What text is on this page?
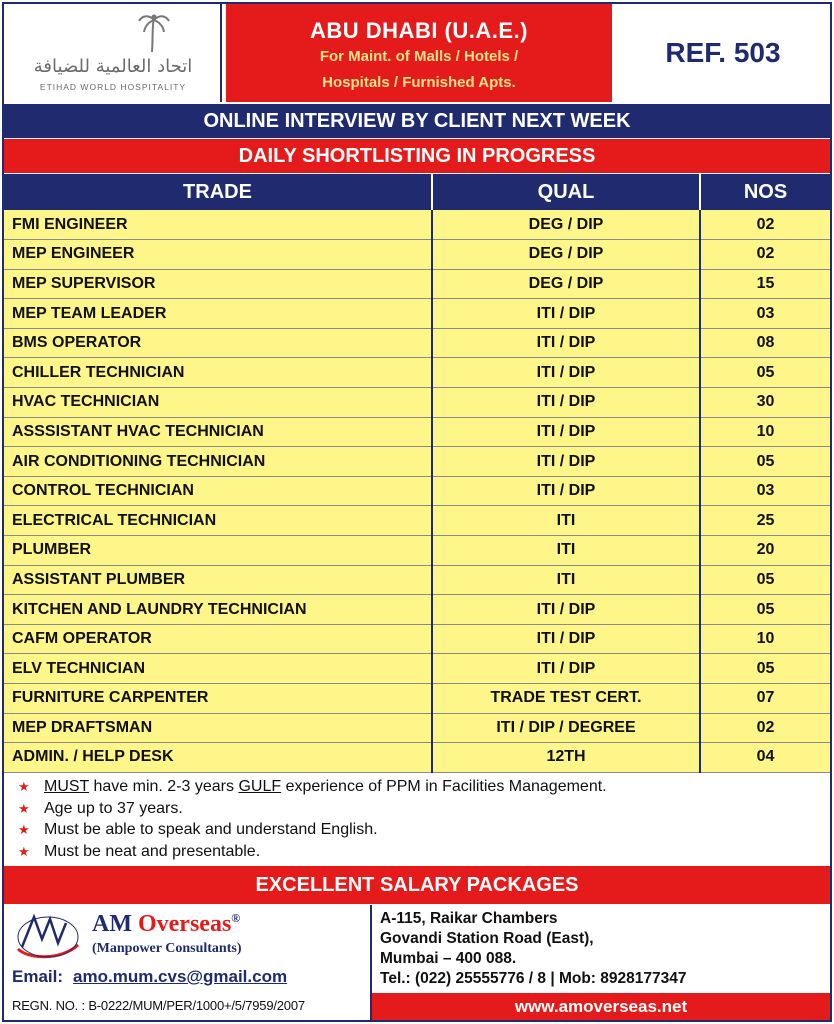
اتحاد العالمية للضيافة
ETIHAD WORLD HOSPITALITY
ABU DHABI (U.A.E.)
For Maint. of Malls / Hotels /
Hospitals / Furnished Apts.
REF. 503
ONLINE INTERVIEW BY CLIENT NEXT WEEK
DAILY SHORTLISTING IN PROGRESS
TRADE	QUAL	NOS
FMI ENGINEER	DEG / DIP	02
MEP ENGINEER	DEG / DIP	02
MEP SUPERVISOR	DEG / DIP	15
MEP TEAM LEADER	ITI / DIP	03
BMS OPERATOR	ITI / DIP	08
CHILLER TECHNICIAN	ITI / DIP	05
HVAC TECHNICIAN	ITI / DIP	30
ASSSISTANT HVAC TECHNICIAN	ITI / DIP	10
AIR CONDITIONING TECHNICIAN	ITI / DIP	05
CONTROL TECHNICIAN	ITI / DIP	03
ELECTRICAL TECHNICIAN	ITI	25
PLUMBER	ITI	20
ASSISTANT PLUMBER	ITI	05
KITCHEN AND LAUNDRY TECHNICIAN	ITI / DIP	05
CAFM OPERATOR	ITI / DIP	10
ELV TECHNICIAN	ITI / DIP	05
FURNITURE CARPENTER	TRADE TEST CERT.	07
MEP DRAFTSMAN	ITI / DIP / DEGREE	02
ADMIN. / HELP DESK	12TH	04
★ MUST have min. 2-3 years GULF experience of PPM in Facilities Management.
★ Age up to 37 years.
★ Must be able to speak and understand English.
★ Must be neat and presentable.
EXCELLENT SALARY PACKAGES
AM Overseas®
(Manpower Consultants)
Email: amo.mum.cvs@gmail.com
REGN. NO. : B-0222/MUM/PER/1000+/5/7959/2007
A-115, Raikar Chambers
Govandi Station Road (East),
Mumbai – 400 088.
Tel.: (022) 25555776 / 8 | Mob: 8928177347
www.amoverseas.net
